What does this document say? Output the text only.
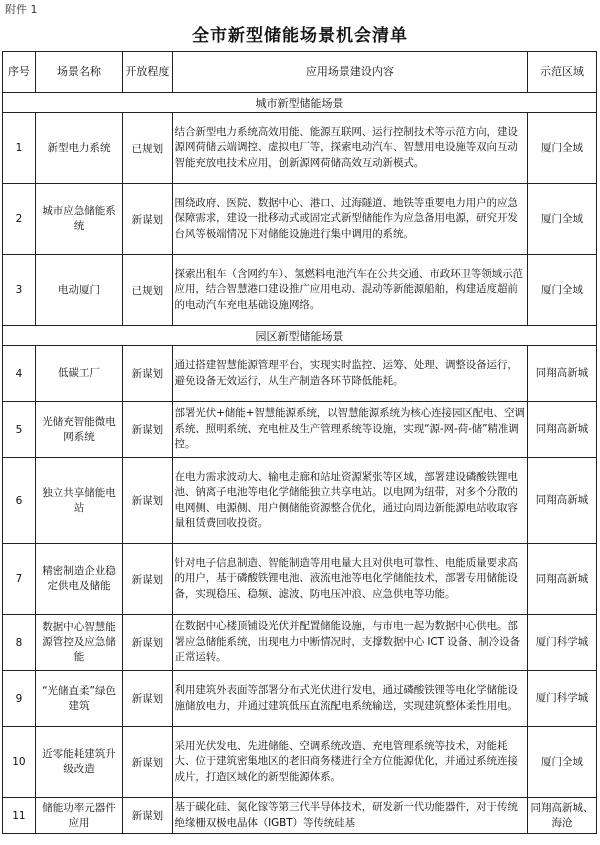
附件 1
全市新型储能场景机会清单
序号	场景名称	开放程度	应用场景建设内容	示范区域
城市新型储能场景				
1	新型电力系统	已规划	结合新型电力系统高效用能、能源互联网、运行控制技术等示范方向，建设源网荷储云端调控、虚拟电厂等，探索电动汽车、智慧用电设施等双向互动智能充放电技术应用，创新源网荷储高效互动新模式。	厦门全域
2	城市应急储能系统	新谋划	围绕政府、医院、数据中心、港口、过海隧道、地铁等重要电力用户的应急保障需求，建设一批移动式或固定式新型储能作为应急备用电源，研究开发台风等极端情况下对储能设施进行集中调用的系统。	厦门全域
3	电动厦门	已规划	探索出租车（含网约车）、氢燃料电池汽车在公共交通、市政环卫等领域示范应用，结合智慧港口建设推广应用电动、混动等新能源船舶，构建适度超前的电动汽车充电基础设施网络。	厦门全域
园区新型储能场景				
4	低碳工厂	新谋划	通过搭建智慧能源管理平台，实现实时监控、运筹、处理、调整设备运行，避免设备无效运行，从生产制造各环节降低能耗。	同翔高新城
5	光储充智能微电网系统	新谋划	部署光伏+储能+智慧能源系统，以智慧能源系统为核心连接园区配电、空调系统、照明系统、充电桩及生产管理系统等设施，实现“源-网-荷-储”精准调控。	同翔高新城
6	独立共享储能电站	新谋划	在电力需求波动大、输电走廊和站址资源紧张等区域，部署建设磷酸铁锂电池、钠离子电池等电化学储能独立共享电站。以电网为纽带，对多个分散的电网侧、电源侧、用户侧储能资源整合优化，通过向周边新能源电站收取容量租赁费回收投资。	同翔高新城
7	精密制造企业稳定供电及储能	新谋划	针对电子信息制造、智能制造等用电量大且对供电可靠性、电能质量要求高的用户，基于磷酸铁锂电池、液流电池等电化学储能技术，部署专用储能设备，实现稳压、稳频、滤波、防电压冲浪、应急供电等功能。	同翔高新城
8	数据中心智慧能源管控及应急储能	新谋划	在数据中心楼顶铺设光伏并配置储能设施，与市电一起为数据中心供电。部署应急储能系统，出现电力中断情况时，支撑数据中心 ICT 设备、制冷设备正常运转。	厦门科学城
9	“光储直柔”绿色建筑	新谋划	利用建筑外表面等部署分布式光伏进行发电，通过磷酸铁锂等电化学储能设施储放电力，并通过建筑低压直流配电系统输送，实现建筑整体柔性用电。	厦门科学城
10	近零能耗建筑升级改造	新谋划	采用光伏发电、先进储能、空调系统改造、充电管理系统等技术，对能耗大、位于建筑密集地区的老旧商务楼进行全方位能源优化，并通过系统连接成片，打造区域化的新型能源体系。	厦门全域
11	储能功率元器件应用	新谋划	基于碳化硅、氮化镓等第三代半导体技术，研发新一代功能器件，对于传统绝缘栅双极电晶体（IGBT）等传统硅基	同翔高新城、海沧
